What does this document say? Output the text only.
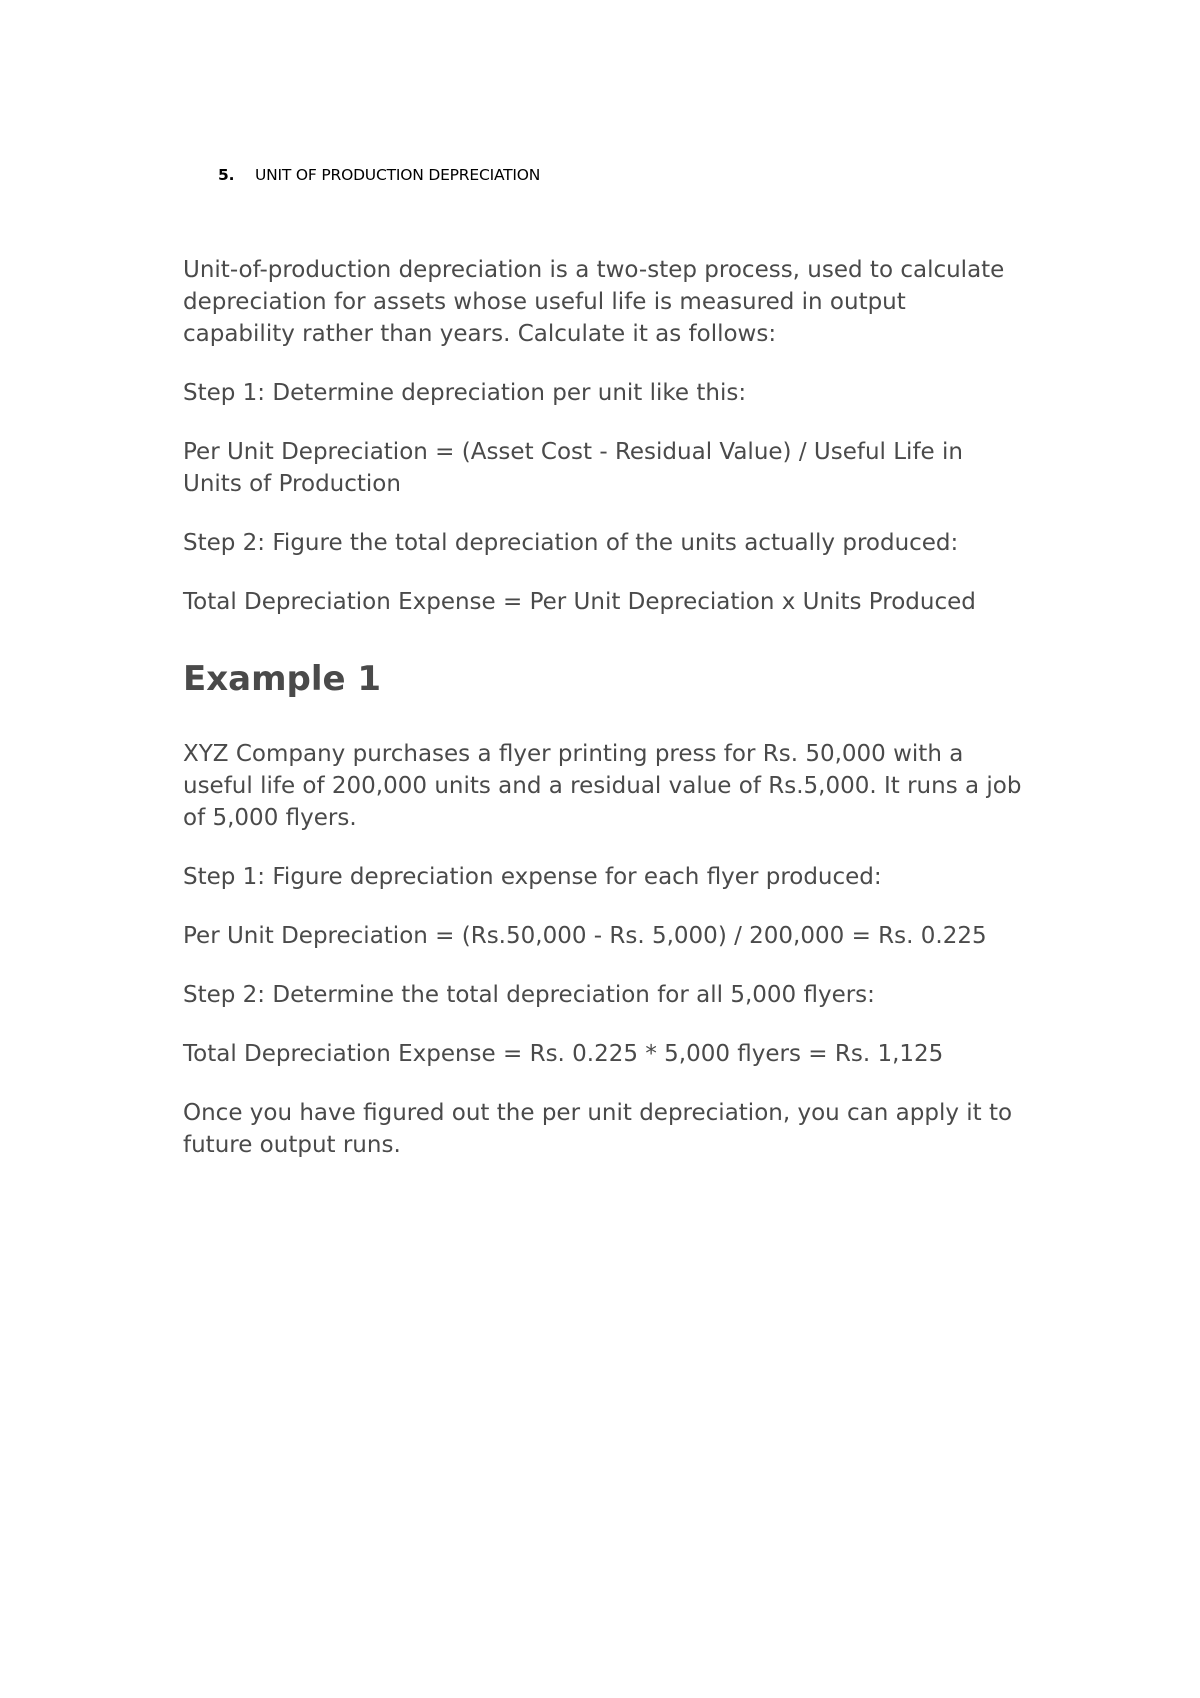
5. UNIT OF PRODUCTION DEPRECIATION

Unit-of-production depreciation is a two-step process, used to calculate depreciation for assets whose useful life is measured in output capability rather than years. Calculate it as follows:

Step 1: Determine depreciation per unit like this:

Per Unit Depreciation = (Asset Cost - Residual Value) / Useful Life in Units of Production

Step 2: Figure the total depreciation of the units actually produced:

Total Depreciation Expense = Per Unit Depreciation x Units Produced

Example 1

XYZ Company purchases a flyer printing press for Rs. 50,000 with a useful life of 200,000 units and a residual value of Rs.5,000. It runs a job of 5,000 flyers.

Step 1: Figure depreciation expense for each flyer produced:

Per Unit Depreciation = (Rs.50,000 - Rs. 5,000) / 200,000 = Rs. 0.225

Step 2: Determine the total depreciation for all 5,000 flyers:

Total Depreciation Expense = Rs. 0.225 * 5,000 flyers = Rs. 1,125

Once you have figured out the per unit depreciation, you can apply it to future output runs.
